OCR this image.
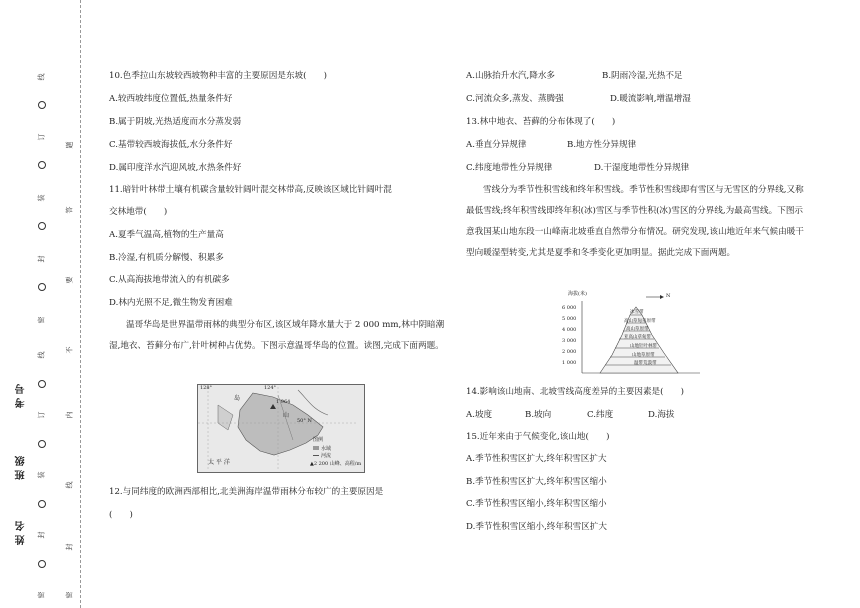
考号
班级
姓名
线
订
装
封
密
线
订
装
封
密
题
答
要
不
内
线
封
密
10.色季拉山东坡较西坡物种丰富的主要原因是东坡(　　)
A.较西坡纬度位置低,热量条件好
B.属于阴坡,光热适度而水分蒸发弱
C.基带较西坡海拔低,水分条件好
D.属印度洋水汽迎风坡,水热条件好
11.暗针叶林带土壤有机碳含量较针阔叶混交林带高,反映该区域比针阔叶混
交林地带(　　)
A.夏季气温高,植物的生产量高
B.冷湿,有机质分解慢、积累多
C.从高海拔地带流入的有机碳多
D.林内光照不足,微生物发育困难
温哥华岛是世界温带雨林的典型分布区,该区域年降水量大于 2 000 mm,林中阴暗潮湿,地衣、苔藓分布广,针叶树种占优势。下图示意温哥华岛的位置。读图,完成下面两题。
128°	124°
50° N
1 964
岛
山
太 平 洋
图例
水域
河流
▲2 200 山峰、高程/m
12.与同纬度的欧洲西部相比,北美洲海岸温带雨林分布较广的主要原因是
(　　)
A.山脉抬升水汽,降水多	B.阴雨冷湿,光热不足
C.河流众多,蒸发、蒸腾强	D.暖流影响,增温增湿
13.林中地衣、苔藓的分布体现了(　　)
A.垂直分异规律	B.地方性分异规律
C.纬度地带性分异规律	D.干湿度地带性分异规律
雪线分为季节性积雪线和终年积雪线。季节性积雪线即有雪区与无雪区的分界线,又称最低雪线;终年积雪线即终年积(冰)雪区与季节性积(冰)雪区的分界线,为最高雪线。下图示意我国某山地东段一山峰南北坡垂直自然带分布情况。研究发现,该山地近年来气候由暖干型向暖湿型转变,尤其是夏季和冬季变化更加明显。据此完成下面两题。
海拔(米)	N
6 000
5 000
4 000
3 000
2 000
1 000
冰雪带
高山草甸草原带
高山草原带
亚高山草甸带
山地针叶林带
山地草原带
温带荒漠带
14.影响该山地南、北坡雪线高度差异的主要因素是(　　)
A.坡度	B.坡向	C.纬度	D.海拔
15.近年来由于气候变化,该山地(　　)
A.季节性积雪区扩大,终年积雪区扩大
B.季节性积雪区扩大,终年积雪区缩小
C.季节性积雪区缩小,终年积雪区缩小
D.季节性积雪区缩小,终年积雪区扩大
